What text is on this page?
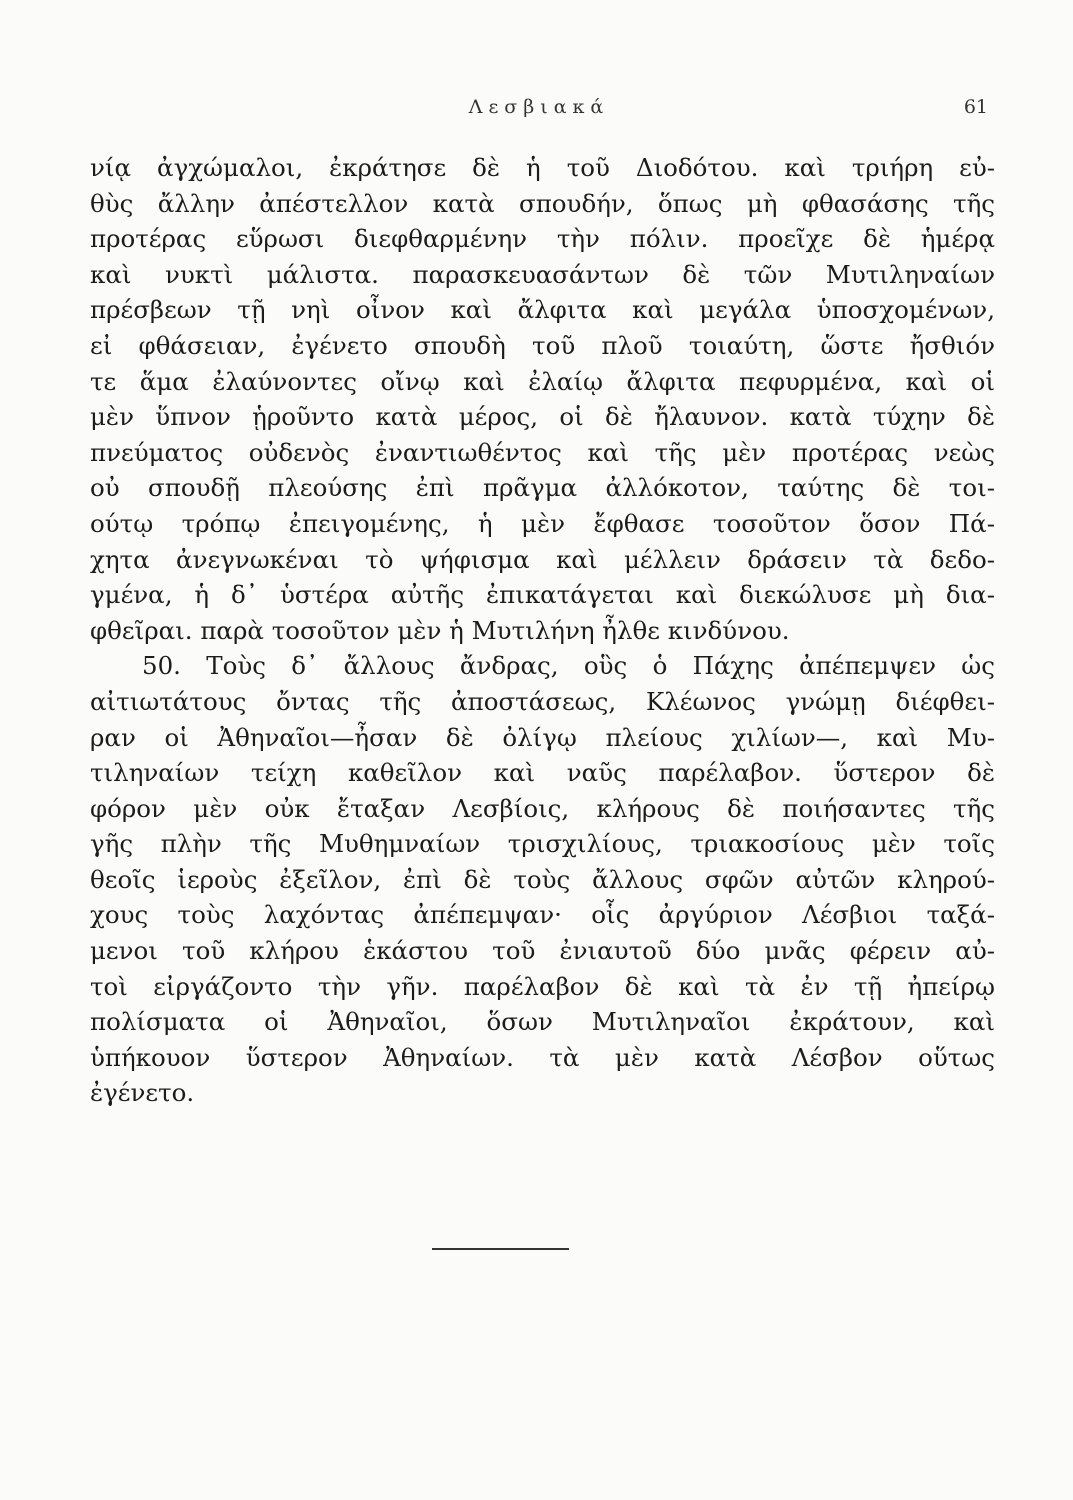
Λεσβιακά	61
νίᾳ ἀγχώμαλοι, ἐκράτησε δὲ ἡ τοῦ Διοδότου. καὶ τριήρη εὐ-
θὺς ἄλλην ἀπέστελλον κατὰ σπουδήν, ὅπως μὴ φθασάσης τῆς
προτέρας εὕρωσι διεφθαρμένην τὴν πόλιν. προεῖχε δὲ ἡμέρᾳ
καὶ νυκτὶ μάλιστα. παρασκευασάντων δὲ τῶν Μυτιληναίων
πρέσβεων τῇ νηὶ οἶνον καὶ ἄλφιτα καὶ μεγάλα ὑποσχομένων,
εἰ φθάσειαν, ἐγένετο σπουδὴ τοῦ πλοῦ τοιαύτη, ὥστε ἤσθιόν
τε ἅμα ἐλαύνοντες οἴνῳ καὶ ἐλαίῳ ἄλφιτα πεφυρμένα, καὶ οἱ
μὲν ὕπνον ᾑροῦντο κατὰ μέρος, οἱ δὲ ἤλαυνον. κατὰ τύχην δὲ
πνεύματος οὐδενὸς ἐναντιωθέντος καὶ τῆς μὲν προτέρας νεὼς
οὐ σπουδῇ πλεούσης ἐπὶ πρᾶγμα ἀλλόκοτον, ταύτης δὲ τοι-
ούτῳ τρόπῳ ἐπειγομένης, ἡ μὲν ἔφθασε τοσοῦτον ὅσον Πά-
χητα ἀνεγνωκέναι τὸ ψήφισμα καὶ μέλλειν δράσειν τὰ δεδο-
γμένα, ἡ δ᾽ ὑστέρα αὐτῆς ἐπικατάγεται καὶ διεκώλυσε μὴ δια-
φθεῖραι. παρὰ τοσοῦτον μὲν ἡ Μυτιλήνη ἦλθε κινδύνου.
50. Τοὺς δ᾽ ἄλλους ἄνδρας, οὓς ὁ Πάχης ἀπέπεμψεν ὡς
αἰτιωτάτους ὄντας τῆς ἀποστάσεως, Κλέωνος γνώμῃ διέφθει-
ραν οἱ Ἀθηναῖοι—ἦσαν δὲ ὀλίγῳ πλείους χιλίων—, καὶ Μυ-
τιληναίων τείχη καθεῖλον καὶ ναῦς παρέλαβον. ὕστερον δὲ
φόρον μὲν οὐκ ἔταξαν Λεσβίοις, κλήρους δὲ ποιήσαντες τῆς
γῆς πλὴν τῆς Μυθημναίων τρισχιλίους, τριακοσίους μὲν τοῖς
θεοῖς ἱεροὺς ἐξεῖλον, ἐπὶ δὲ τοὺς ἄλλους σφῶν αὐτῶν κληρού-
χους τοὺς λαχόντας ἀπέπεμψαν· οἷς ἀργύριον Λέσβιοι ταξά-
μενοι τοῦ κλήρου ἑκάστου τοῦ ἐνιαυτοῦ δύο μνᾶς φέρειν αὐ-
τοὶ εἰργάζοντο τὴν γῆν. παρέλαβον δὲ καὶ τὰ ἐν τῇ ἠπείρῳ
πολίσματα οἱ Ἀθηναῖοι, ὅσων Μυτιληναῖοι ἐκράτουν, καὶ
ὑπήκουον ὕστερον Ἀθηναίων. τὰ μὲν κατὰ Λέσβον οὕτως
ἐγένετο.
